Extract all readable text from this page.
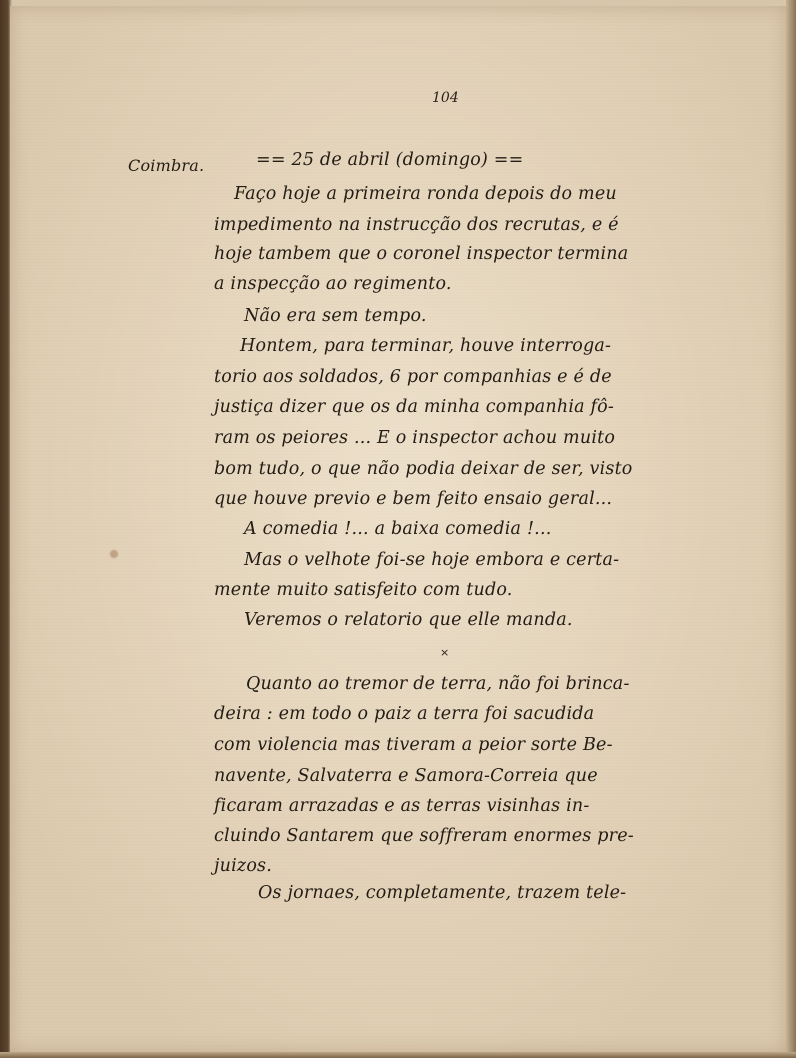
104
Coimbra.	== 25 de abril (domingo) ==
Faço hoje a primeira ronda depois do meu
impedimento na instrucção dos recrutas, e é
hoje tambem que o coronel inspector termina
a inspecção ao regimento.
Não era sem tempo.
Hontem, para terminar, houve interroga-
torio aos soldados, 6 por companhias e é de
justiça dizer que os da minha companhia fô-
ram os peiores ... E o inspector achou muito
bom tudo, o que não podia deixar de ser, visto
que houve previo e bem feito ensaio geral...
A comedia !... a baixa comedia !...
Mas o velhote foi-se hoje embora e certa-
mente muito satisfeito com tudo.
Veremos o relatorio que elle manda.
×
Quanto ao tremor de terra, não foi brinca-
deira : em todo o paiz a terra foi sacudida
com violencia mas tiveram a peior sorte Be-
navente, Salvaterra e Samora-Correia que
ficaram arrazadas e as terras visinhas in-
cluindo Santarem que soffreram enormes pre-
juizos.
Os jornaes, completamente, trazem tele-
